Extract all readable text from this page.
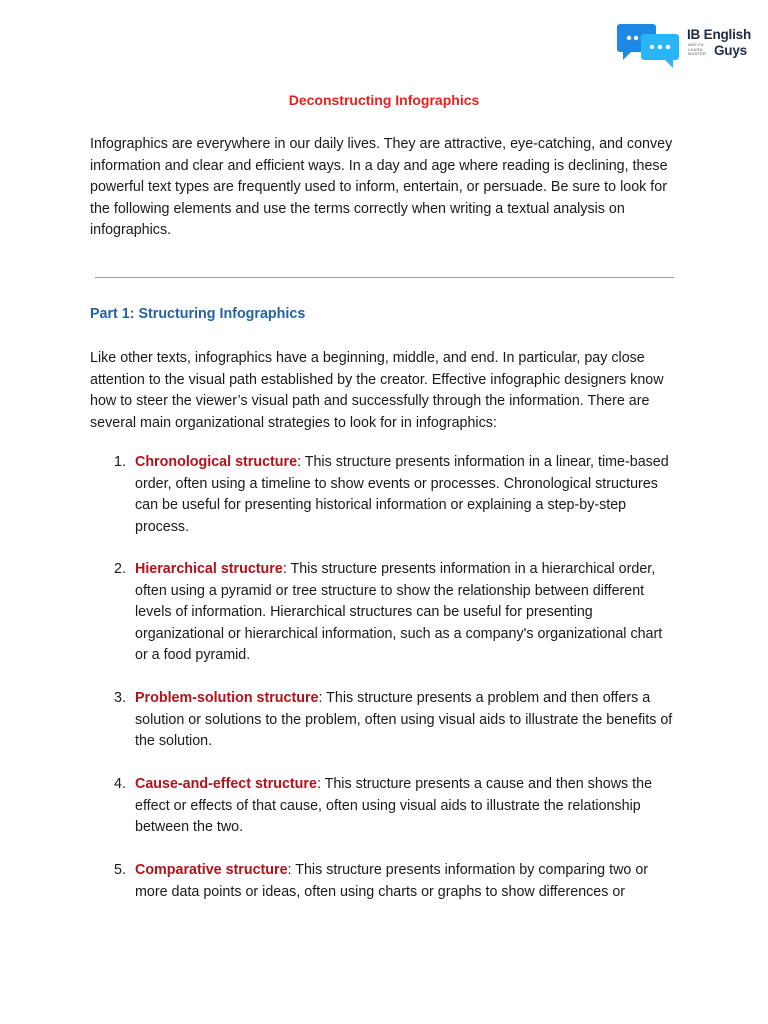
IB English
WATCH
LEARN
MASTER Guys
Deconstructing Infographics

Infographics are everywhere in our daily lives. They are attractive, eye-catching, and convey information and clear and efficient ways. In a day and age where reading is declining, these powerful text types are frequently used to inform, entertain, or persuade. Be sure to look for the following elements and use the terms correctly when writing a textual analysis on infographics.

Part 1: Structuring Infographics

Like other texts, infographics have a beginning, middle, and end. In particular, pay close attention to the visual path established by the creator. Effective infographic designers know how to steer the viewer’s visual path and successfully through the information. There are several main organizational strategies to look for in infographics:

1. Chronological structure: This structure presents information in a linear, time-based order, often using a timeline to show events or processes. Chronological structures can be useful for presenting historical information or explaining a step-by-step process.
2. Hierarchical structure: This structure presents information in a hierarchical order, often using a pyramid or tree structure to show the relationship between different levels of information. Hierarchical structures can be useful for presenting organizational or hierarchical information, such as a company's organizational chart or a food pyramid.
3. Problem-solution structure: This structure presents a problem and then offers a solution or solutions to the problem, often using visual aids to illustrate the benefits of the solution.
4. Cause-and-effect structure: This structure presents a cause and then shows the effect or effects of that cause, often using visual aids to illustrate the relationship between the two.
5. Comparative structure: This structure presents information by comparing two or more data points or ideas, often using charts or graphs to show differences or
